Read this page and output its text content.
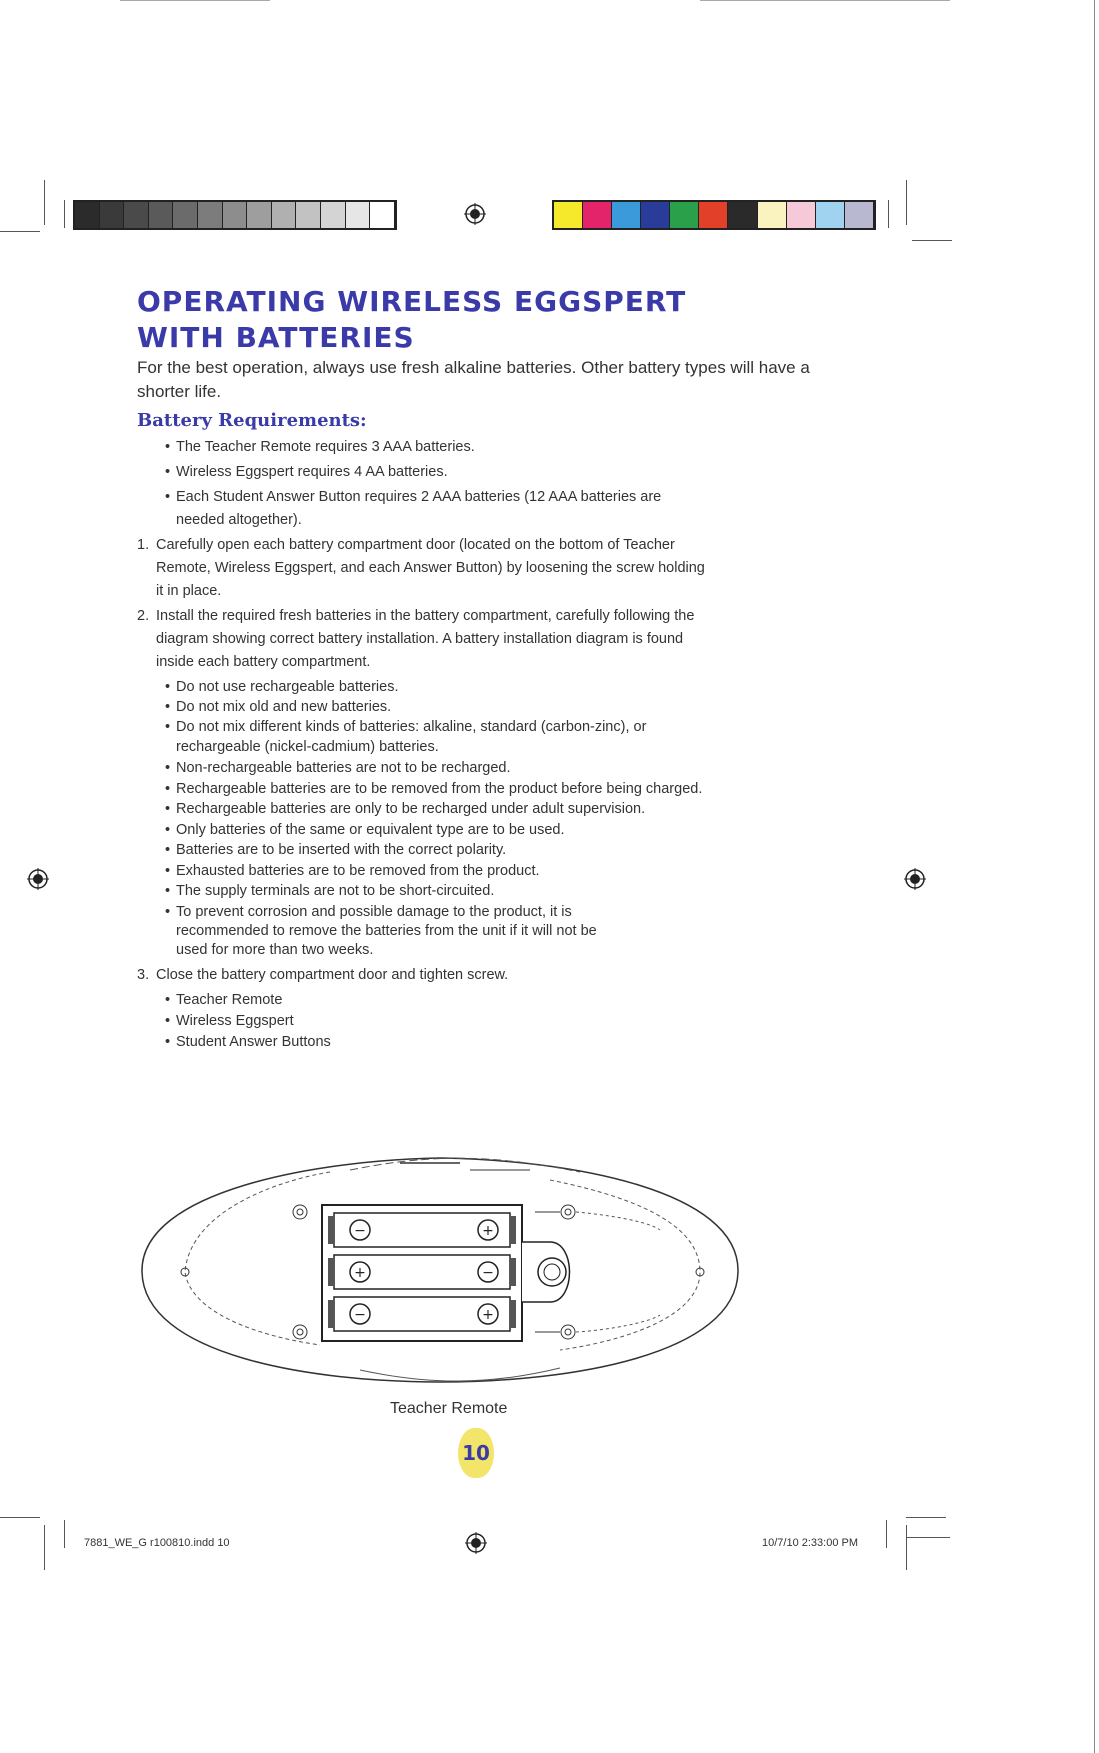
OPERATING WIRELESS EGGSPERT
WITH BATTERIES
For the best operation, always use fresh alkaline batteries. Other battery types will have a shorter life.
Battery Requirements:
• The Teacher Remote requires 3 AAA batteries.
• Wireless Eggspert requires 4 AA batteries.
• Each Student Answer Button requires 2 AAA batteries (12 AAA batteries are
needed altogether).
1. Carefully open each battery compartment door (located on the bottom of Teacher
Remote, Wireless Eggspert, and each Answer Button) by loosening the screw holding
it in place.
2. Install the required fresh batteries in the battery compartment, carefully following the
diagram showing correct battery installation. A battery installation diagram is found
inside each battery compartment.
• Do not use rechargeable batteries.
• Do not mix old and new batteries.
• Do not mix different kinds of batteries: alkaline, standard (carbon-zinc), or
rechargeable (nickel-cadmium) batteries.
• Non-rechargeable batteries are not to be recharged.
• Rechargeable batteries are to be removed from the product before being charged.
• Rechargeable batteries are only to be recharged under adult supervision.
• Only batteries of the same or equivalent type are to be used.
• Batteries are to be inserted with the correct polarity.
• Exhausted batteries are to be removed from the product.
• The supply terminals are not to be short-circuited.
• To prevent corrosion and possible damage to the product, it is
recommended to remove the batteries from the unit if it will not be
used for more than two weeks.
3. Close the battery compartment door and tighten screw.
• Teacher Remote
• Wireless Eggspert
• Student Answer Buttons
−	+
+	−
−	+
Teacher Remote
10
7881_WE_G r100810.indd 10	10/7/10 2:33:00 PM
